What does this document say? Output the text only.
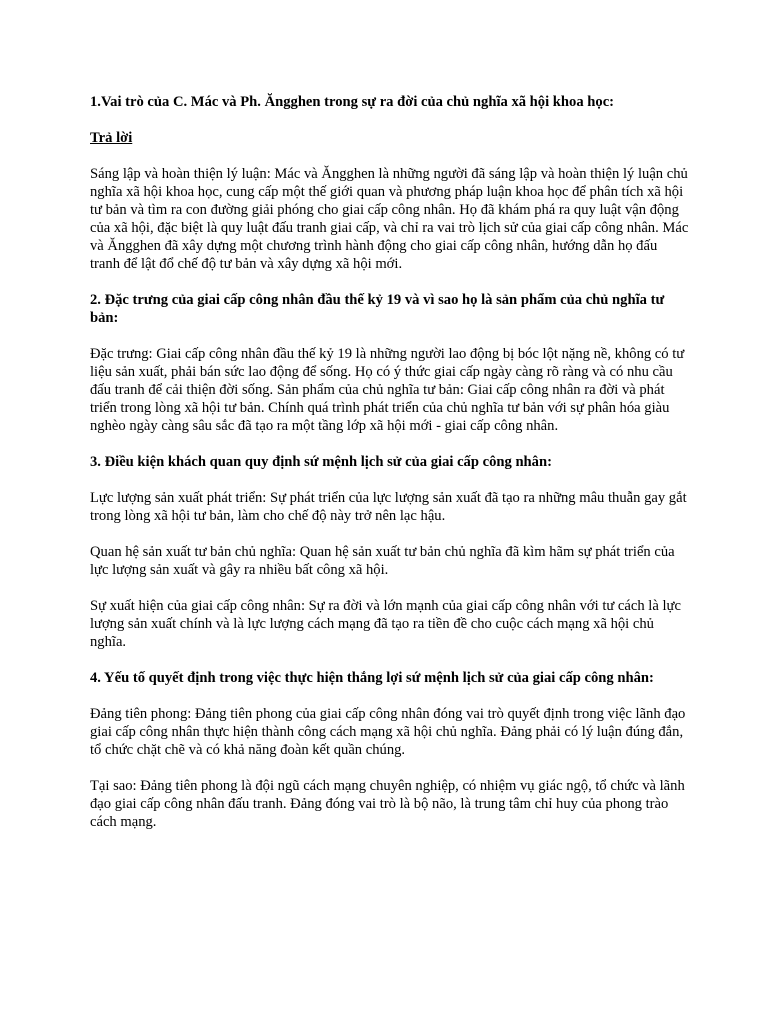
1.Vai trò của C. Mác và Ph. Ăngghen trong sự ra đời của chủ nghĩa xã hội khoa học:

Trả lời

Sáng lập và hoàn thiện lý luận: Mác và Ăngghen là những người đã sáng lập và hoàn thiện lý luận chủ nghĩa xã hội khoa học, cung cấp một thế giới quan và phương pháp luận khoa học để phân tích xã hội tư bản và tìm ra con đường giải phóng cho giai cấp công nhân. Họ đã khám phá ra quy luật vận động của xã hội, đặc biệt là quy luật đấu tranh giai cấp, và chỉ ra vai trò lịch sử của giai cấp công nhân. Mác và Ăngghen đã xây dựng một chương trình hành động cho giai cấp công nhân, hướng dẫn họ đấu tranh để lật đổ chế độ tư bản và xây dựng xã hội mới.

2. Đặc trưng của giai cấp công nhân đầu thế kỷ 19 và vì sao họ là sản phẩm của chủ nghĩa tư bản:

Đặc trưng: Giai cấp công nhân đầu thế kỷ 19 là những người lao động bị bóc lột nặng nề, không có tư liệu sản xuất, phải bán sức lao động để sống. Họ có ý thức giai cấp ngày càng rõ ràng và có nhu cầu đấu tranh để cải thiện đời sống. Sản phẩm của chủ nghĩa tư bản: Giai cấp công nhân ra đời và phát triển trong lòng xã hội tư bản. Chính quá trình phát triển của chủ nghĩa tư bản với sự phân hóa giàu nghèo ngày càng sâu sắc đã tạo ra một tầng lớp xã hội mới - giai cấp công nhân.

3. Điều kiện khách quan quy định sứ mệnh lịch sử của giai cấp công nhân:

Lực lượng sản xuất phát triển: Sự phát triển của lực lượng sản xuất đã tạo ra những mâu thuẫn gay gắt trong lòng xã hội tư bản, làm cho chế độ này trở nên lạc hậu.

Quan hệ sản xuất tư bản chủ nghĩa: Quan hệ sản xuất tư bản chủ nghĩa đã kìm hãm sự phát triển của lực lượng sản xuất và gây ra nhiều bất công xã hội.

Sự xuất hiện của giai cấp công nhân: Sự ra đời và lớn mạnh của giai cấp công nhân với tư cách là lực lượng sản xuất chính và là lực lượng cách mạng đã tạo ra tiền đề cho cuộc cách mạng xã hội chủ nghĩa.

4. Yếu tố quyết định trong việc thực hiện thắng lợi sứ mệnh lịch sử của giai cấp công nhân:

Đảng tiên phong: Đảng tiên phong của giai cấp công nhân đóng vai trò quyết định trong việc lãnh đạo giai cấp công nhân thực hiện thành công cách mạng xã hội chủ nghĩa. Đảng phải có lý luận đúng đắn, tổ chức chặt chẽ và có khả năng đoàn kết quần chúng.

Tại sao: Đảng tiên phong là đội ngũ cách mạng chuyên nghiệp, có nhiệm vụ giác ngộ, tổ chức và lãnh đạo giai cấp công nhân đấu tranh. Đảng đóng vai trò là bộ não, là trung tâm chỉ huy của phong trào cách mạng.
